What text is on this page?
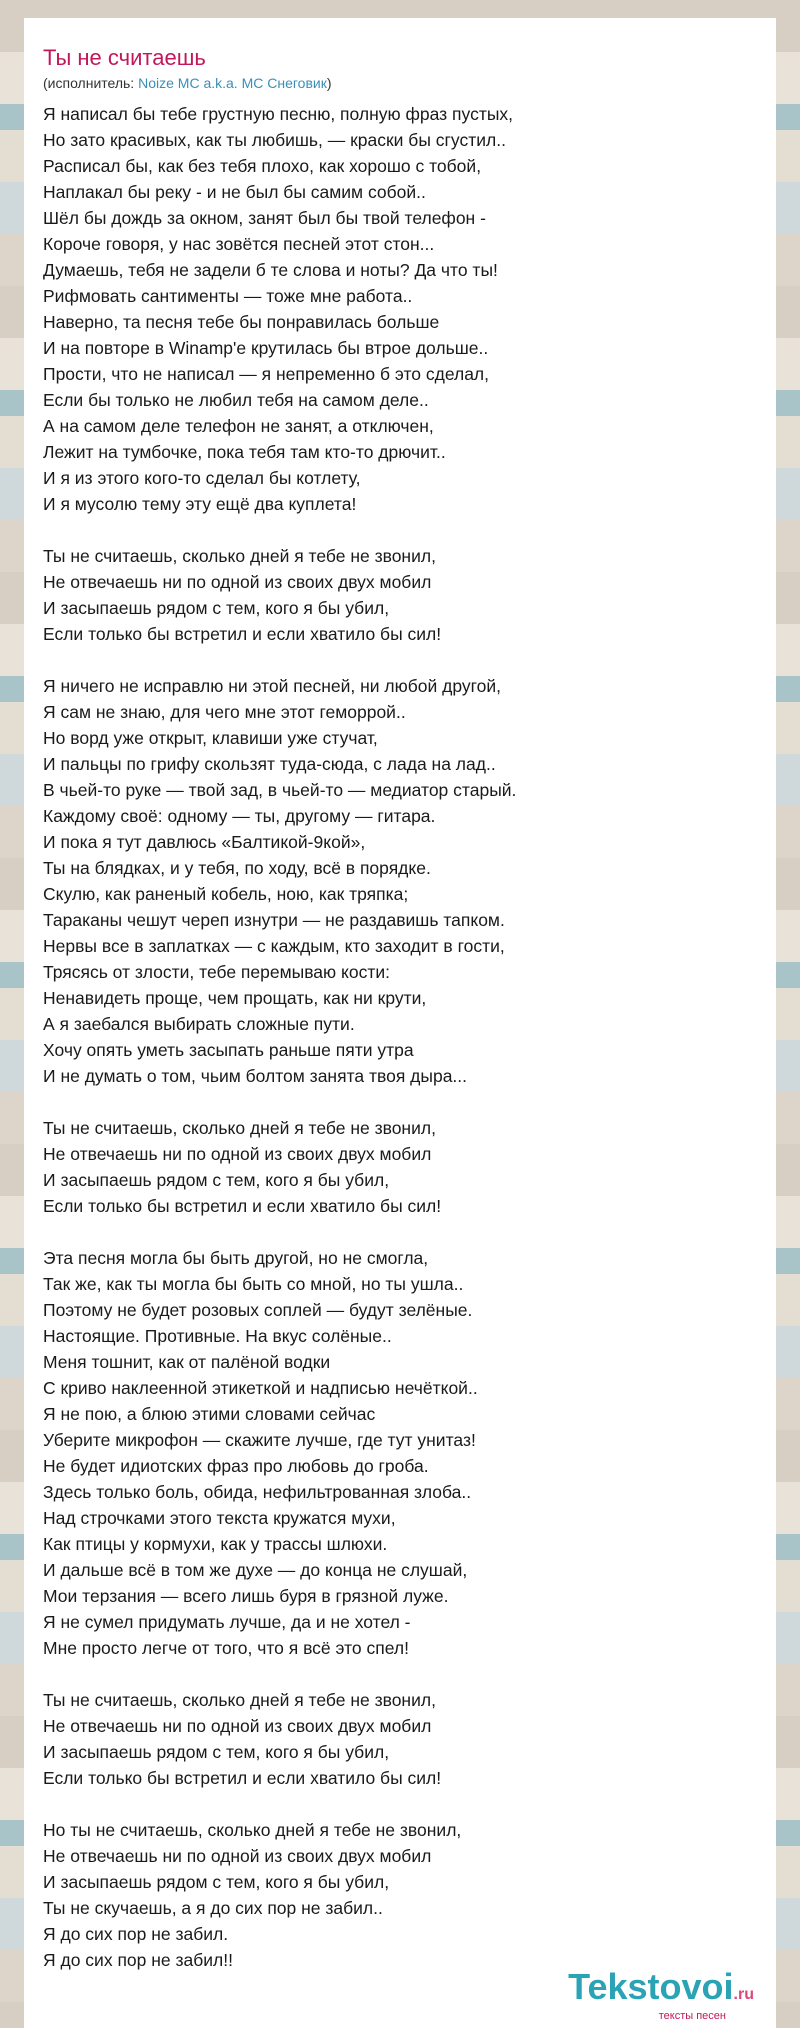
Ты не считаешь
(исполнитель: Noize MC a.k.a. MC Снеговик)
Я написал бы тебе грустную песню, полную фраз пустых,
Но зато красивых, как ты любишь, — краски бы сгустил..
Расписал бы, как без тебя плохо, как хорошо с тобой,
Наплакал бы реку - и не был бы самим собой..
Шёл бы дождь за окном, занят был бы твой телефон -
Короче говоря, у нас зовётся песней этот стон...
Думаешь, тебя не задели б те слова и ноты? Да что ты!
Рифмовать сантименты — тоже мне работа..
Наверно, та песня тебе бы понравилась больше
И на повторе в Winamp'е крутилась бы втрое дольше..
Прости, что не написал — я непременно б это сделал,
Если бы только не любил тебя на самом деле..
А на самом деле телефон не занят, а отключен,
Лежит на тумбочке, пока тебя там кто-то дрючит..
И я из этого кого-то сделал бы котлету,
И я мусолю тему эту ещё два куплета!
Ты не считаешь, сколько дней я тебе не звонил,
Не отвечаешь ни по одной из своих двух мобил
И засыпаешь рядом с тем, кого я бы убил,
Если только бы встретил и если хватило бы сил!
Я ничего не исправлю ни этой песней, ни любой другой,
Я сам не знаю, для чего мне этот геморрой..
Но ворд уже открыт, клавиши уже стучат,
И пальцы по грифу скользят туда-сюда, с лада на лад..
В чьей-то руке — твой зад, в чьей-то — медиатор старый.
Каждому своё: одному — ты, другому — гитара.
И пока я тут давлюсь «Балтикой-9кой»,
Ты на блядках, и у тебя, по ходу, всё в порядке.
Скулю, как раненый кобель, ною, как тряпка;
Тараканы чешут череп изнутри — не раздавишь тапком.
Нервы все в заплатках — с каждым, кто заходит в гости,
Трясясь от злости, тебе перемываю кости:
Ненавидеть проще, чем прощать, как ни крути,
А я заебался выбирать сложные пути.
Хочу опять уметь засыпать раньше пяти утра
И не думать о том, чьим болтом занята твоя дыра...
Ты не считаешь, сколько дней я тебе не звонил,
Не отвечаешь ни по одной из своих двух мобил
И засыпаешь рядом с тем, кого я бы убил,
Если только бы встретил и если хватило бы сил!
Эта песня могла бы быть другой, но не смогла,
Так же, как ты могла бы быть со мной, но ты ушла..
Поэтому не будет розовых соплей — будут зелёные.
Настоящие. Противные. На вкус солёные..
Меня тошнит, как от палёной водки
С криво наклеенной этикеткой и надписью нечёткой..
Я не пою, а блюю этими словами сейчас
Уберите микрофон — скажите лучше, где тут унитаз!
Не будет идиотских фраз про любовь до гроба.
Здесь только боль, обида, нефильтрованная злоба..
Над строчками этого текста кружатся мухи,
Как птицы у кормухи, как у трассы шлюхи.
И дальше всё в том же духе — до конца не слушай,
Мои терзания — всего лишь буря в грязной луже.
Я не сумел придумать лучше, да и не хотел -
Мне просто легче от того, что я всё это спел!
Ты не считаешь, сколько дней я тебе не звонил,
Не отвечаешь ни по одной из своих двух мобил
И засыпаешь рядом с тем, кого я бы убил,
Если только бы встретил и если хватило бы сил!
Но ты не считаешь, сколько дней я тебе не звонил,
Не отвечаешь ни по одной из своих двух мобил
И засыпаешь рядом с тем, кого я бы убил,
Ты не скучаешь, а я до сих пор не забил..
Я до сих пор не забил.
Я до сих пор не забил!!
Tekstovoi.ru
тексты песен
